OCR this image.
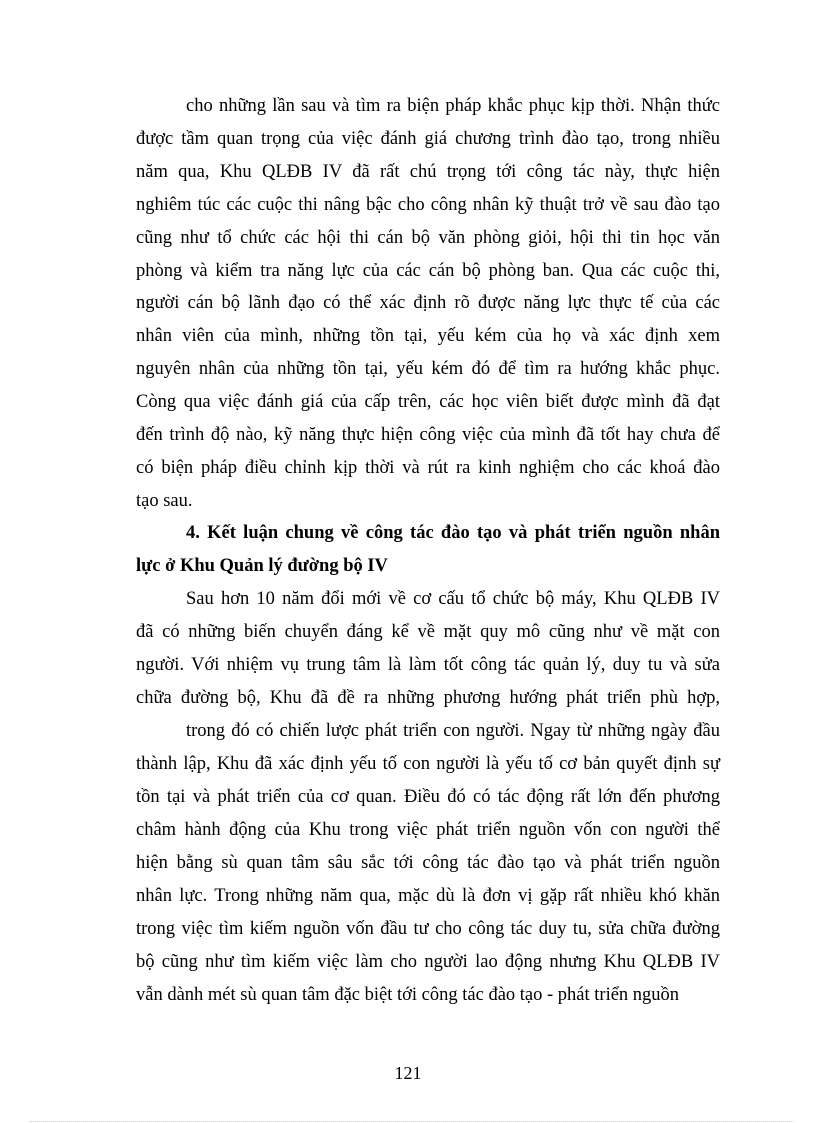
cho những lần sau và tìm ra biện pháp khắc phục kịp thời. Nhận thức
được tầm quan trọng của việc đánh giá chương trình đào tạo, trong nhiều
năm qua, Khu QLĐB IV đã rất chú trọng tới công tác này, thực hiện
nghiêm túc các cuộc thi nâng bậc cho công nhân kỹ thuật trở về sau đào tạo
cũng như tổ chức các hội thi cán bộ văn phòng giỏi, hội thi tin học văn
phòng và kiểm tra năng lực của các cán bộ phòng ban. Qua các cuộc thi,
người cán bộ lãnh đạo có thể xác định rõ được năng lực thực tế của các
nhân viên của mình, những tồn tại, yếu kém của họ và xác định xem
nguyên nhân của những tồn tại, yếu kém đó để tìm ra hướng khắc phục.
Còng qua việc đánh giá của cấp trên, các học viên biết được mình đã đạt
đến trình độ nào, kỹ năng thực hiện công việc của mình đã tốt hay chưa để
có biện pháp điều chỉnh kịp thời và rút ra kinh nghiệm cho các khoá đào
tạo sau.
4. Kết luận chung về công tác đào tạo và phát triển nguồn nhân
lực ở Khu Quản lý đường bộ IV
Sau hơn 10 năm đổi mới về cơ cấu tổ chức bộ máy, Khu QLĐB IV
đã có những biến chuyển đáng kể về mặt quy mô cũng như về mặt con
người. Với nhiệm vụ trung tâm là làm tốt công tác quản lý, duy tu và sửa
chữa đường bộ, Khu đã đề ra những phương hướng phát triển phù hợp,
trong đó có chiến lược phát triển con người. Ngay từ những ngày đầu
thành lập, Khu đã xác định yếu tố con người là yếu tố cơ bản quyết định sự
tồn tại và phát triển của cơ quan. Điều đó có tác động rất lớn đến phương
châm hành động của Khu trong việc phát triển nguồn vốn con người thể
hiện bằng sù quan tâm sâu sắc tới công tác đào tạo và phát triển nguồn
nhân lực. Trong những năm qua, mặc dù là đơn vị gặp rất nhiều khó khăn
trong việc tìm kiếm nguồn vốn đầu tư cho công tác duy tu, sửa chữa đường
bộ cũng như tìm kiếm việc làm cho người lao động nhưng Khu QLĐB IV
vẫn dành mét sù quan tâm đặc biệt tới công tác đào tạo - phát triển nguồn
121
